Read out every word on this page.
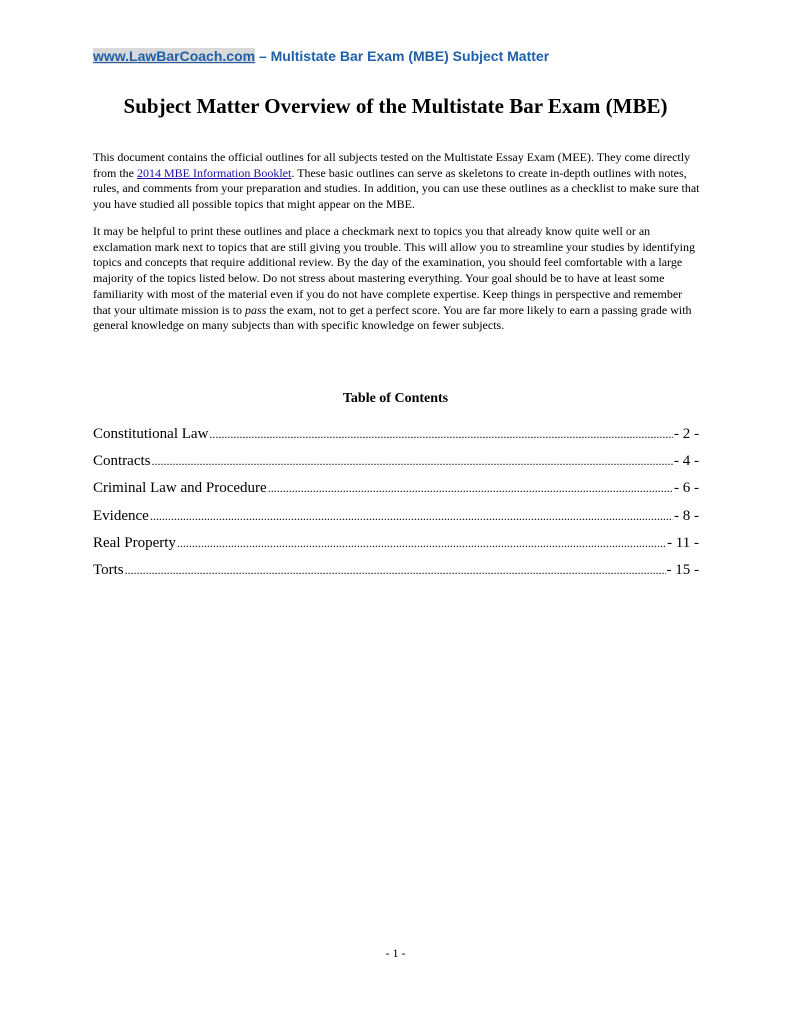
www.LawBarCoach.com – Multistate Bar Exam (MBE) Subject Matter
Subject Matter Overview of the Multistate Bar Exam (MBE)

This document contains the official outlines for all subjects tested on the Multistate Essay Exam (MEE). They come directly from the 2014 MBE Information Booklet. These basic outlines can serve as skeletons to create in-depth outlines with notes, rules, and comments from your preparation and studies. In addition, you can use these outlines as a checklist to make sure that you have studied all possible topics that might appear on the MBE.

It may be helpful to print these outlines and place a checkmark next to topics you that already know quite well or an exclamation mark next to topics that are still giving you trouble. This will allow you to streamline your studies by identifying topics and concepts that require additional review. By the day of the examination, you should feel comfortable with a large majority of the topics listed below. Do not stress about mastering everything. Your goal should be to have at least some familiarity with most of the material even if you do not have complete expertise. Keep things in perspective and remember that your ultimate mission is to pass the exam, not to get a perfect score. You are far more likely to earn a passing grade with general knowledge on many subjects than with specific knowledge on fewer subjects.

Table of Contents
Constitutional Law .....	- 2 -
Contracts .....	- 4 -
Criminal Law and Procedure .....	- 6 -
Evidence .....	- 8 -
Real Property .....	- 11 -
Torts .....	- 15 -
- 1 -
